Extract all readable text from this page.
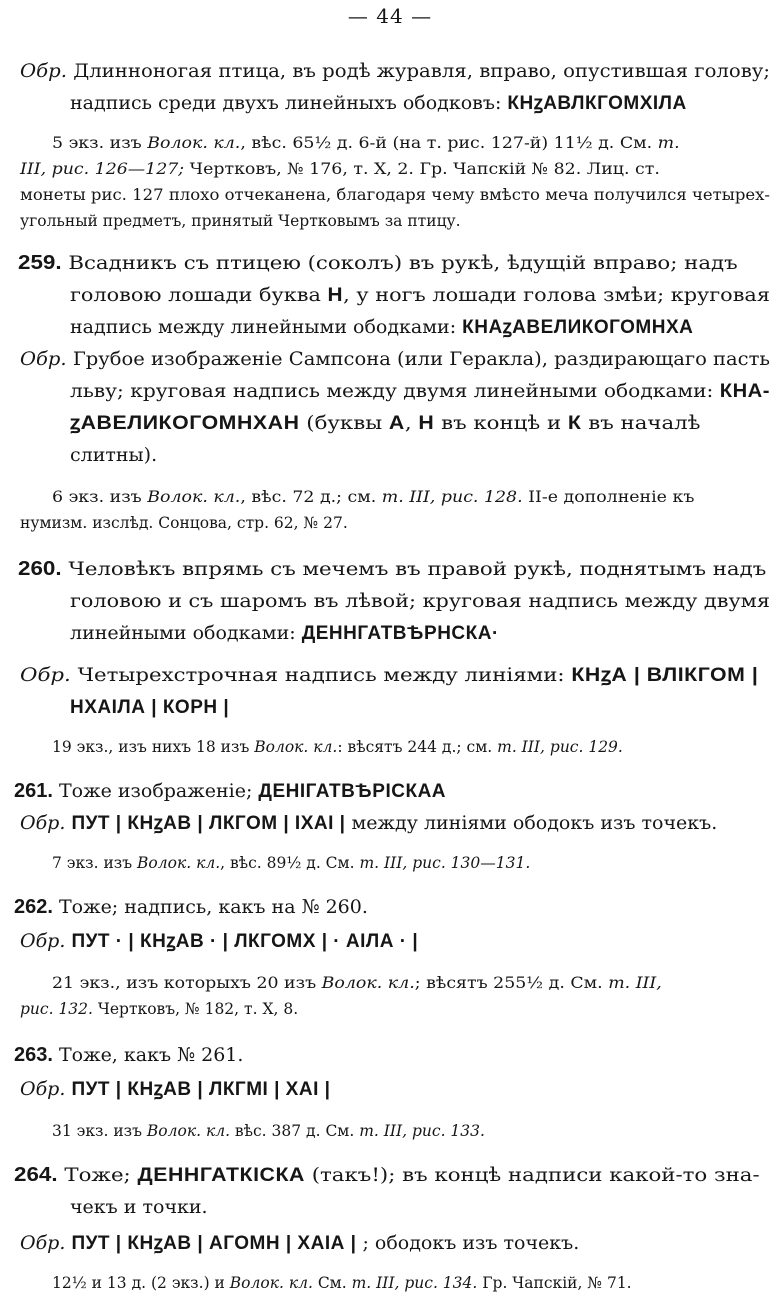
— 44 —
Обр. Длинноногая птица, въ родѣ журавля, вправо, опустившая голову;
надпись среди двухъ линейныхъ ободковъ: КНꙁАВЛКГОМХІЛА
5 экз. изъ Волок. кл., вѣс. 65½ д. 6-й (на т. рис. 127-й) 11½ д. См. т.
III, рис. 126—127; Чертковъ, № 176, т. X, 2. Гр. Чапскій № 82. Лиц. ст.
монеты рис. 127 плохо отчеканена, благодаря чему вмѣсто меча получился четырех-
угольный предметъ, принятый Чертковымъ за птицу.
259. Всадникъ съ птицею (соколъ) въ рукѣ, ѣдущій вправо; надъ
головою лошади буква Н, у ногъ лошади голова змѣи; круговая
надпись между линейными ободками: КНАꙁАВЕЛИКОГОМНХА
Обр. Грубое изображеніе Сампсона (или Геракла), раздирающаго пасть
льву; круговая надпись между двумя линейными ободками: КНА-
ꙁАВЕЛИКОГОМНХАН (буквы А, Н въ концѣ и К въ началѣ
слитны).
6 экз. изъ Волок. кл., вѣс. 72 д.; см. т. III, рис. 128. II-е дополненіе къ
нумизм. изслѣд. Сонцова, стр. 62, № 27.
260. Человѣкъ впрямь съ мечемъ въ правой рукѣ, поднятымъ надъ
головою и съ шаромъ въ лѣвой; круговая надпись между двумя
линейными ободками: ДЕННГАТВѢРНСКА·
Обр. Четырехстрочная надпись между линіями: КНꙁА | ВЛІКГОМ |
НХАІЛА | КОРН |
19 экз., изъ нихъ 18 изъ Волок. кл.: вѣсятъ 244 д.; см. т. III, рис. 129.
261. Тоже изображеніе; ДЕНІГАТВѢРІСКАА
Обр. ПУТ | КНꙁАВ | ЛКГОМ | ІХАІ | между линіями ободокъ изъ точекъ.
7 экз. изъ Волок. кл., вѣс. 89½ д. См. т. III, рис. 130—131.
262. Тоже; надпись, какъ на № 260.
Обр. ПУТ · | КНꙁАВ · | ЛКГОМХ | · АІЛА · |
21 экз., изъ которыхъ 20 изъ Волок. кл.; вѣсятъ 255½ д. См. т. III,
рис. 132. Чертковъ, № 182, т. X, 8.
263. Тоже, какъ № 261.
Обр. ПУТ | КНꙁАВ | ЛКГМІ | ХАІ |
31 экз. изъ Волок. кл. вѣс. 387 д. См. т. III, рис. 133.
264. Тоже; ДЕННГАТКІСКА (такъ!); въ концѣ надписи какой-то зна-
чекъ и точки.
Обр. ПУТ | КНꙁАВ | АГОМН | ХАІА | ; ободокъ изъ точекъ.
12½ и 13 д. (2 экз.) и Волок. кл. См. т. III, рис. 134. Гр. Чапскій, № 71.
